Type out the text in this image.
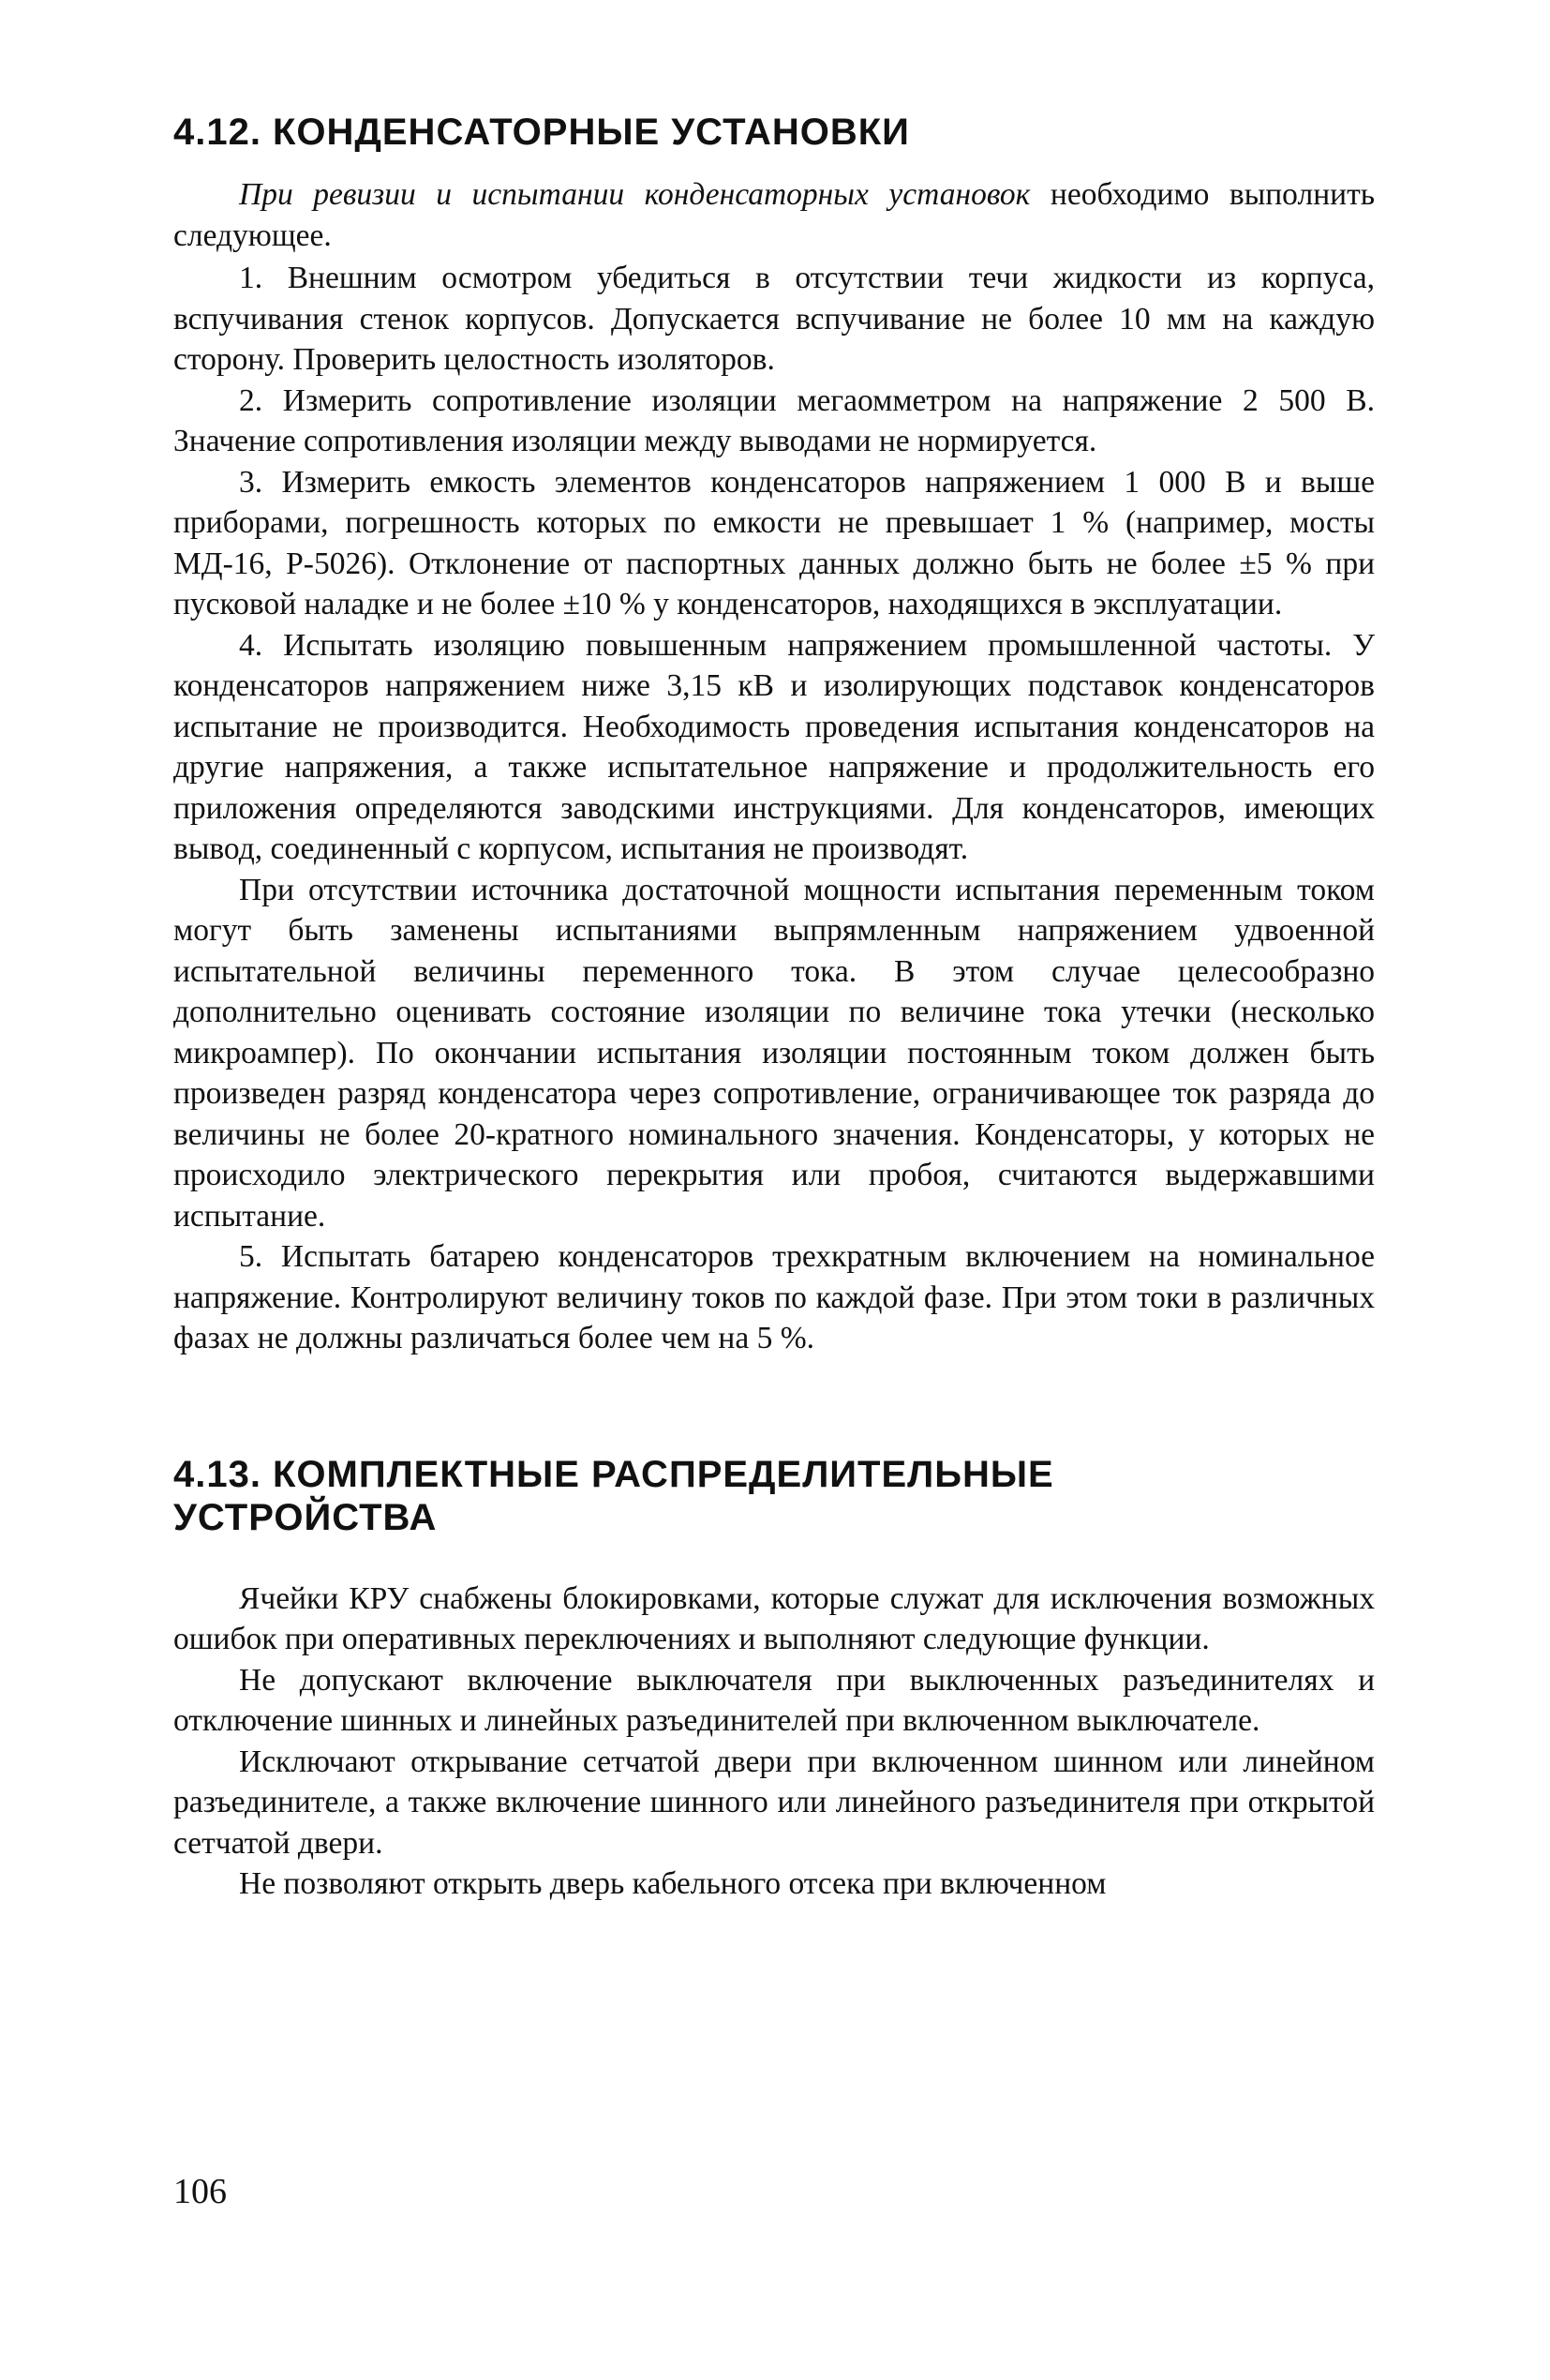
4.12. КОНДЕНСАТОРНЫЕ УСТАНОВКИ

При ревизии и испытании конденсаторных установок необходимо выполнить следующее.

1. Внешним осмотром убедиться в отсутствии течи жидкости из корпуса, вспучивания стенок корпусов. Допускается вспучивание не более 10 мм на каждую сторону. Проверить целостность изоляторов.

2. Измерить сопротивление изоляции мегаомметром на напряжение 2 500 В. Значение сопротивления изоляции между выводами не нормируется.

3. Измерить емкость элементов конденсаторов напряжением 1 000 В и выше приборами, погрешность которых по емкости не превышает 1 % (например, мосты МД-16, Р-5026). Отклонение от паспортных данных должно быть не более ±5 % при пусковой наладке и не более ±10 % у конденсаторов, находящихся в эксплуатации.

4. Испытать изоляцию повышенным напряжением промышленной частоты. У конденсаторов напряжением ниже 3,15 кВ и изолирующих подставок конденсаторов испытание не производится. Необходимость проведения испытания конденсаторов на другие напряжения, а также испытательное напряжение и продолжительность его приложения определяются заводскими инструкциями. Для конденсаторов, имеющих вывод, соединенный с корпусом, испытания не производят.

При отсутствии источника достаточной мощности испытания переменным током могут быть заменены испытаниями выпрямленным напряжением удвоенной испытательной величины переменного тока. В этом случае целесообразно дополнительно оценивать состояние изоляции по величине тока утечки (несколько микроампер). По окончании испытания изоляции постоянным током должен быть произведен разряд конденсатора через сопротивление, ограничивающее ток разряда до величины не более 20-кратного номинального значения. Конденсаторы, у которых не происходило электрического перекрытия или пробоя, считаются выдержавшими испытание.

5. Испытать батарею конденсаторов трехкратным включением на номинальное напряжение. Контролируют величину токов по каждой фазе. При этом токи в различных фазах не должны различаться более чем на 5 %.

4.13. КОМПЛЕКТНЫЕ РАСПРЕДЕЛИТЕЛЬНЫЕ
УСТРОЙСТВА

Ячейки КРУ снабжены блокировками, которые служат для исключения возможных ошибок при оперативных переключениях и выполняют следующие функции.

Не допускают включение выключателя при выключенных разъединителях и отключение шинных и линейных разъединителей при включенном выключателе.

Исключают открывание сетчатой двери при включенном шинном или линейном разъединителе, а также включение шинного или линейного разъединителя при открытой сетчатой двери.

Не позволяют открыть дверь кабельного отсека при включенном

106
